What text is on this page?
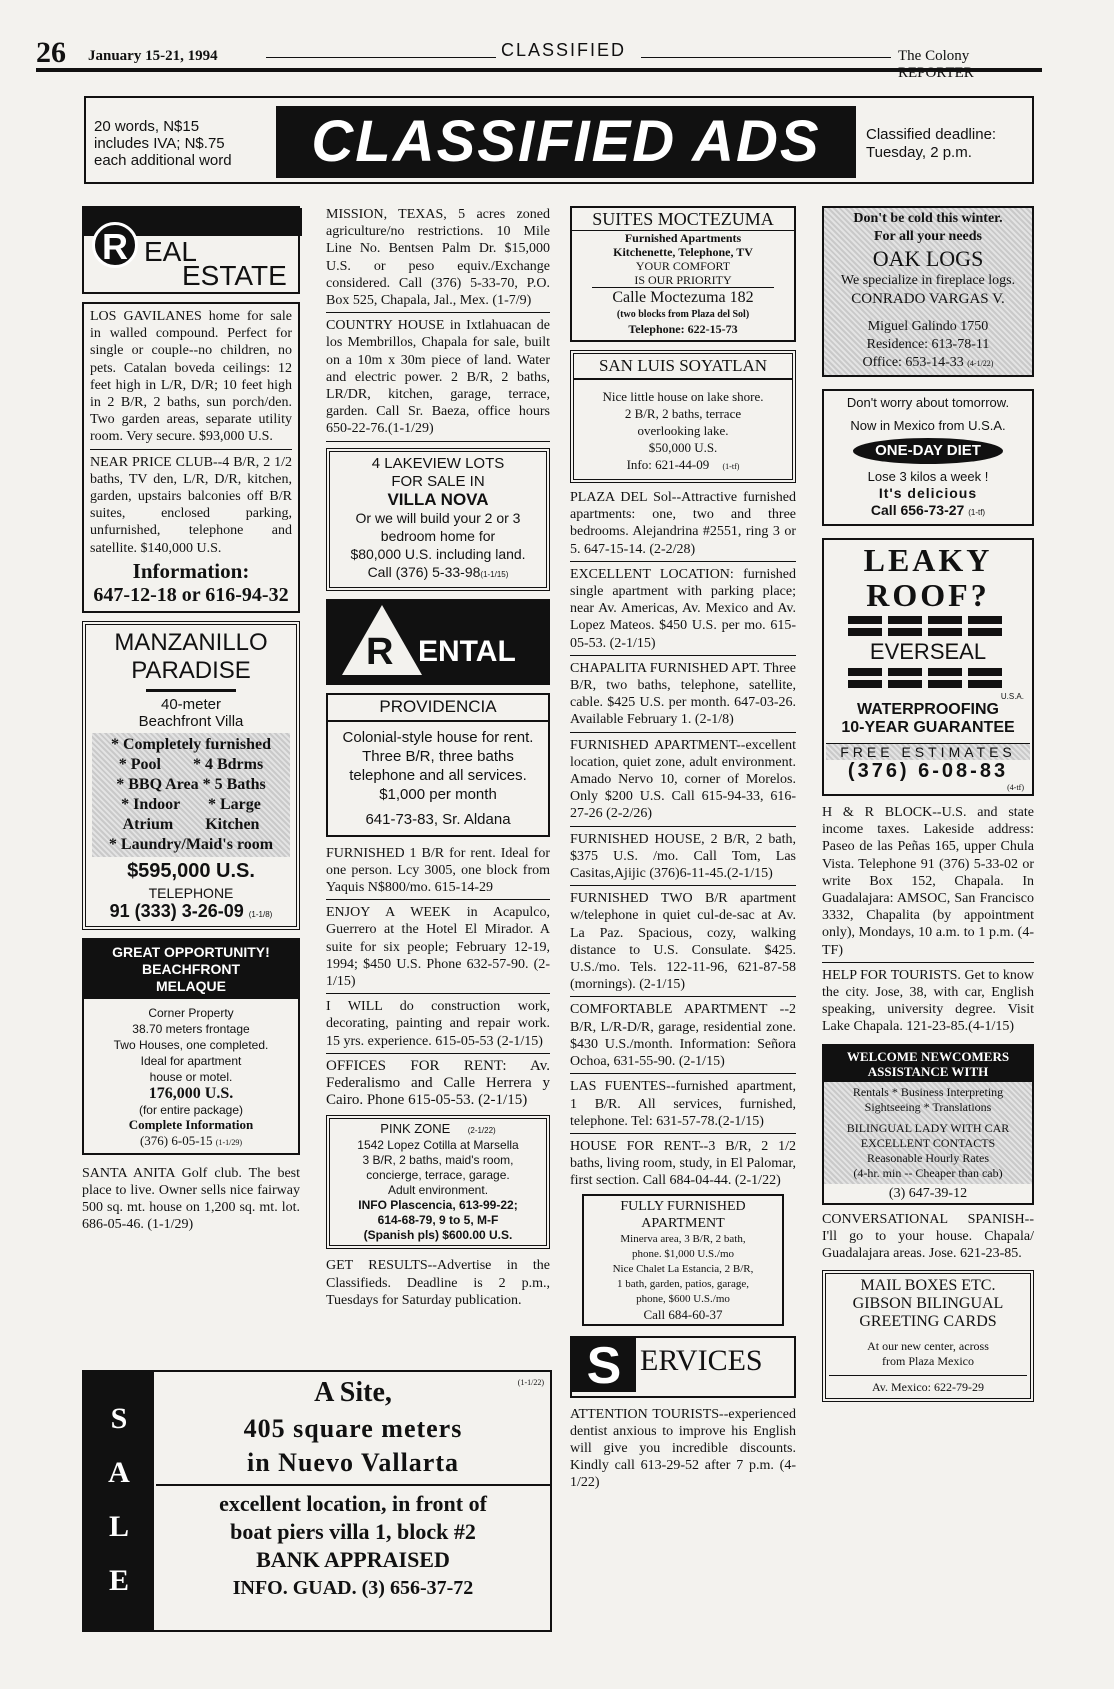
26 January 15-21, 1994	CLASSIFIED	The Colony REPORTER
20 words, N$15
includes IVA; N$.75
each additional word	CLASSIFIED ADS	Classified deadline:
Tuesday, 2 p.m.
R EAL
ESTATE

LOS GAVILANES home for sale in walled compound. Perfect for single or couple--no children, no pets. Catalan boveda ceilings: 12 feet high in L/R, D/R; 10 feet high in 2 B/R, 2 baths, sun porch/den. Two garden areas, separate utility room. Very secure. $93,000 U.S.

NEAR PRICE CLUB--4 B/R, 2 1/2 baths, TV den, L/R, D/R, kitchen, garden, upstairs balconies off B/R suites, enclosed parking, unfurnished, telephone and satellite. $140,000 U.S.

Information:
647-12-18 or 616-94-32
MANZANILLO
PARADISE
40-meter
Beachfront Villa
* Completely furnished
* Pool        * 4 Bdrms
* BBQ Area * 5 Baths
* Indoor       * Large
Atrium        Kitchen
* Laundry/Maid's room
$595,000 U.S.
TELEPHONE
91 (333) 3-26-09 (1-1/8)
GREAT OPPORTUNITY!
BEACHFRONT
MELAQUE
Corner Property
38.70 meters frontage
Two Houses, one completed.
Ideal for apartment
house or motel.
176,000 U.S.
(for entire package)
Complete Information
(376) 6-05-15 (1-1/29)

SANTA ANITA Golf club. The best place to live. Owner sells nice fairway 500 sq. mt. house on 1,200 sq. mt. lot. 686-05-46. (1-1/29)

MISSION, TEXAS, 5 acres zoned agriculture/no restrictions. 10 Mile Line No. Bentsen Palm Dr. $15,000 U.S. or peso equiv./Exchange considered. Call (376) 5-33-70, P.O. Box 525, Chapala, Jal., Mex. (1-7/9)

COUNTRY HOUSE in Ixtlahuacan de los Membrillos, Chapala for sale, built on a 10m x 30m piece of land. Water and electric power. 2 B/R, 2 baths, LR/DR, kitchen, garage, terrace, garden. Call Sr. Baeza, office hours 650-22-76.(1-1/29)

4 LAKEVIEW LOTS
FOR SALE IN
VILLA NOVA
Or we will build your 2 or 3
bedroom home for
$80,000 U.S. including land.
Call (376) 5-33-98(1-1/15)
R ENTAL
PROVIDENCIA
Colonial-style house for rent.
Three B/R, three baths
telephone and all services.
$1,000 per month
641-73-83, Sr. Aldana

FURNISHED 1 B/R for rent. Ideal for one person. Lcy 3005, one block from Yaquis N$800/mo. 615-14-29

ENJOY A WEEK in Acapulco, Guerrero at the Hotel El Mirador. A suite for six people; February 12-19, 1994; $450 U.S. Phone 632-57-90. (2-1/15)

I WILL do construction work, decorating, painting and repair work. 15 yrs. experience. 615-05-53 (2-1/15)

OFFICES FOR RENT: Av. Federalismo and Calle Herrera y Cairo. Phone 615-05-53. (2-1/15)

PINK ZONE (2-1/22)
1542 Lopez Cotilla at Marsella
3 B/R, 2 baths, maid's room,
concierge, terrace, garage.
Adult environment.
INFO Plascencia, 613-99-22;
614-68-79, 9 to 5, M-F
(Spanish pls) $600.00 U.S.

GET RESULTS--Advertise in the Classifieds. Deadline is 2 p.m., Tuesdays for Saturday publication.

SUITES MOCTEZUMA
Furnished Apartments
Kitchenette, Telephone, TV
YOUR COMFORT
IS OUR PRIORITY
Calle Moctezuma 182
(two blocks from Plaza del Sol)
Telephone: 622-15-73
SAN LUIS SOYATLAN
Nice little house on lake shore.
2 B/R, 2 baths, terrace
overlooking lake.
$50,000 U.S.
Info: 621-44-09 (1-tf)

PLAZA DEL Sol--Attractive furnished apartments: one, two and three bedrooms. Alejandrina #2551, ring 3 or 5. 647-15-14. (2-2/28)

EXCELLENT LOCATION: furnished single apartment with parking place; near Av. Americas, Av. Mexico and Av. Lopez Mateos. $450 U.S. per mo. 615-05-53. (2-1/15)

CHAPALITA FURNISHED APT. Three B/R, two baths, telephone, satellite, cable. $425 U.S. per month. 647-03-26. Available February 1. (2-1/8)

FURNISHED APARTMENT--excellent location, quiet zone, adult environment. Amado Nervo 10, corner of Morelos. Only $200 U.S. Call 615-94-33, 616-27-26 (2-2/26)

FURNISHED HOUSE, 2 B/R, 2 bath, $375 U.S. /mo. Call Tom, Las Casitas,Ajijic (376)6-11-45.(2-1/15)

FURNISHED TWO B/R apartment w/telephone in quiet cul-de-sac at Av. La Paz. Spacious, cozy, walking distance to U.S. Consulate. $425. U.S./mo. Tels. 122-11-96, 621-87-58 (mornings). (2-1/15)

COMFORTABLE APARTMENT --2 B/R, L/R-D/R, garage, residential zone. $430 U.S./month. Information: Señora Ochoa, 631-55-90. (2-1/15)

LAS FUENTES--furnished apartment, 1 B/R. All services, furnished, telephone. Tel: 631-57-78.(2-1/15)

HOUSE FOR RENT--3 B/R, 2 1/2 baths, living room, study, in El Palomar, first section. Call 684-04-44. (2-1/22)

FULLY FURNISHED
APARTMENT
Minerva area, 3 B/R, 2 bath,
phone. $1,000 U.S./mo
Nice Chalet La Estancia, 2 B/R,
1 bath, garden, patios, garage,
phone, $600 U.S./mo
Call 684-60-37
S ERVICES

ATTENTION TOURISTS--experienced dentist anxious to improve his English will give you incredible discounts. Kindly call 613-29-52 after 7 p.m. (4-1/22)

Don't be cold this winter.
For all your needs
OAK LOGS
We specialize in fireplace logs.
CONRADO VARGAS V.
Miguel Galindo 1750
Residence: 613-78-11
Office: 653-14-33 (4-1/22)
Don't worry about tomorrow.
Now in Mexico from U.S.A.
ONE-DAY DIET
Lose 3 kilos a week !
It's delicious
Call 656-73-27 (1-tf)
LEAKY
ROOF?
EVERSEAL
U.S.A.
WATERPROOFING
10-YEAR GUARANTEE
FREE ESTIMATES
(376) 6-08-83
(4-tf)

H & R BLOCK--U.S. and state income taxes. Lakeside address: Paseo de las Peñas 165, upper Chula Vista. Telephone 91 (376) 5-33-02 or write Box 152, Chapala. In Guadalajara: AMSOC, San Francisco 3332, Chapalita (by appointment only), Mondays, 10 a.m. to 1 p.m. (4-TF)

HELP FOR TOURISTS. Get to know the city. Jose, 38, with car, English speaking, university degree. Visit Lake Chapala. 121-23-85.(4-1/15)

WELCOME NEWCOMERS
ASSISTANCE WITH
Rentals * Business Interpreting
Sightseeing * Translations
BILINGUAL LADY WITH CAR
EXCELLENT CONTACTS
Reasonable Hourly Rates
(4-hr. min -- Cheaper than cab)
(3) 647-39-12

CONVERSATIONAL SPANISH-- I'll go to your house. Chapala/ Guadalajara areas. Jose. 621-23-85.

MAIL BOXES ETC.
GIBSON BILINGUAL
GREETING CARDS
At our new center, across
from Plaza Mexico
Av. Mexico: 622-79-29
S
A
L
E
(1-1/22)
A Site,
405 square meters
in Nuevo Vallarta
excellent location, in front of
boat piers villa 1, block #2
BANK APPRAISED
INFO. GUAD. (3) 656-37-72
